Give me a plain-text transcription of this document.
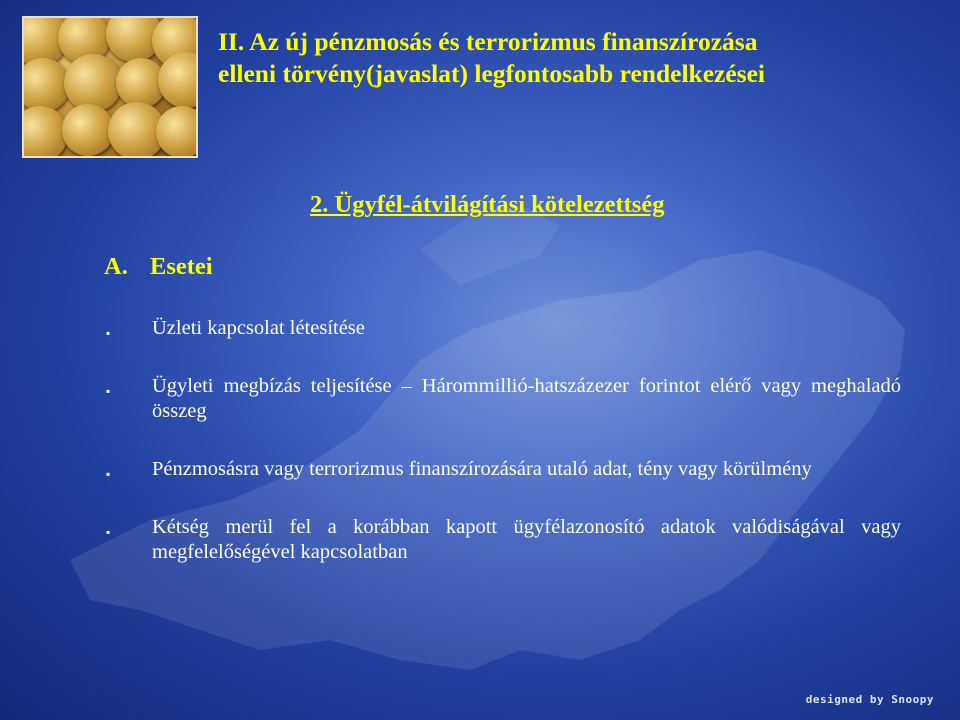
II. Az új pénzmosás és terrorizmus finanszírozása
elleni törvény(javaslat) legfontosabb rendelkezései
2. Ügyfél-átvilágítási kötelezettség
A. Esetei
▪ Üzleti kapcsolat létesítése
▪ Ügyleti megbízás teljesítése – Hárommillió-hatszázezer forintot elérő vagy meghaladó összeg
▪ Pénzmosásra vagy terrorizmus finanszírozására utaló adat, tény vagy körülmény
▪ Kétség merül fel a korábban kapott ügyfélazonosító adatok valódiságával vagy megfelelőségével kapcsolatban
designed by Snoopy
